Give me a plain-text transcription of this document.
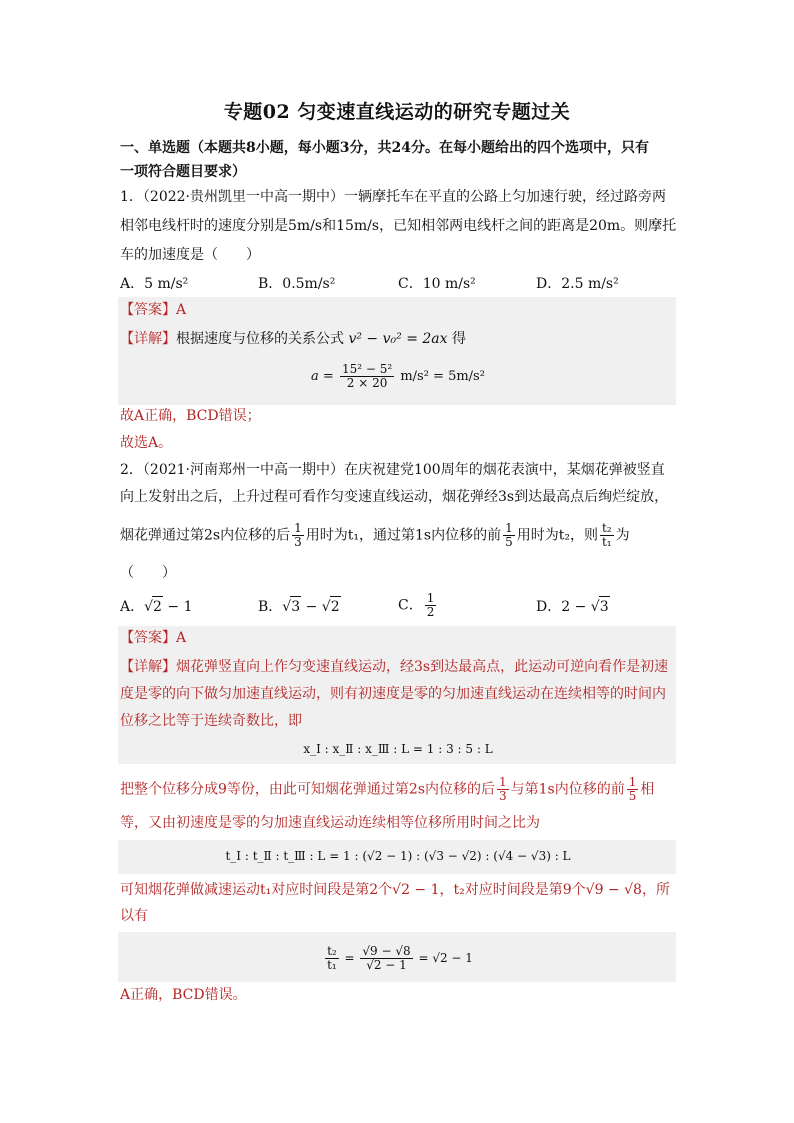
专题02 匀变速直线运动的研究专题过关
一、单选题（本题共8小题，每小题3分，共24分。在每小题给出的四个选项中，只有
一项符合题目要求）
1．（2022·贵州凯里一中高一期中）一辆摩托车在平直的公路上匀加速行驶，经过路旁两
相邻电线杆时的速度分别是5m/s和15m/s，已知相邻两电线杆之间的距离是20m。则摩托
车的加速度是（　　）
A．5 m/s²	B．0.5m/s²	C．10 m/s²	D．2.5 m/s²
【答案】A
【详解】根据速度与位移的关系公式 v² − v₀² = 2ax 得
$a = \frac{\text{15² − 5²}}{2 \times 20} m/s^2 = 5m/s^2$
故A正确，BCD错误；
故选A。
2．（2021·河南郑州一中高一期中）在庆祝建党100周年的烟花表演中，某烟花弹被竖直
向上发射出之后，上升过程可看作匀变速直线运动，烟花弹经3s到达最高点后绚烂绽放，
烟花弹通过第2s内位移的后 $\frac{1}{3}$ 用时为t₁，通过第1s内位移的前 $\frac{1}{5}$ 用时为t₂，则 $\frac{\text{t₂}}{\text{t₁}}$ 为
（　　）
A．√2 − 1	B．√3 − √2	C． $\frac{1}{2}$	D．2 − √3
【答案】A
【详解】烟花弹竖直向上作匀变速直线运动，经3s到达最高点，此运动可逆向看作是初速
度是零的向下做匀加速直线运动，则有初速度是零的匀加速直线运动在连续相等的时间内
位移之比等于连续奇数比，即
x_Ⅰ : x_Ⅱ : x_Ⅲ : L = 1 : 3 : 5 : L
把整个位移分成9等份，由此可知烟花弹通过第2s内位移的后 $\frac{1}{3}$ 与第1s内位移的前 $\frac{1}{5}$ 相
等，又由初速度是零的匀加速直线运动连续相等位移所用时间之比为
t_Ⅰ : t_Ⅱ : t_Ⅲ : L = 1 : (√2 − 1) : (√3 − √2) : (√4 − √3) : L
可知烟花弹做减速运动t₁对应时间段是第2个√2 − 1，t₂对应时间段是第9个√9 − √8，所
以有
$\frac{\text{t₂}}{\text{t₁}} = \frac{√9 - √8}{√2 - 1} = √2 - 1$
A正确，BCD错误。
